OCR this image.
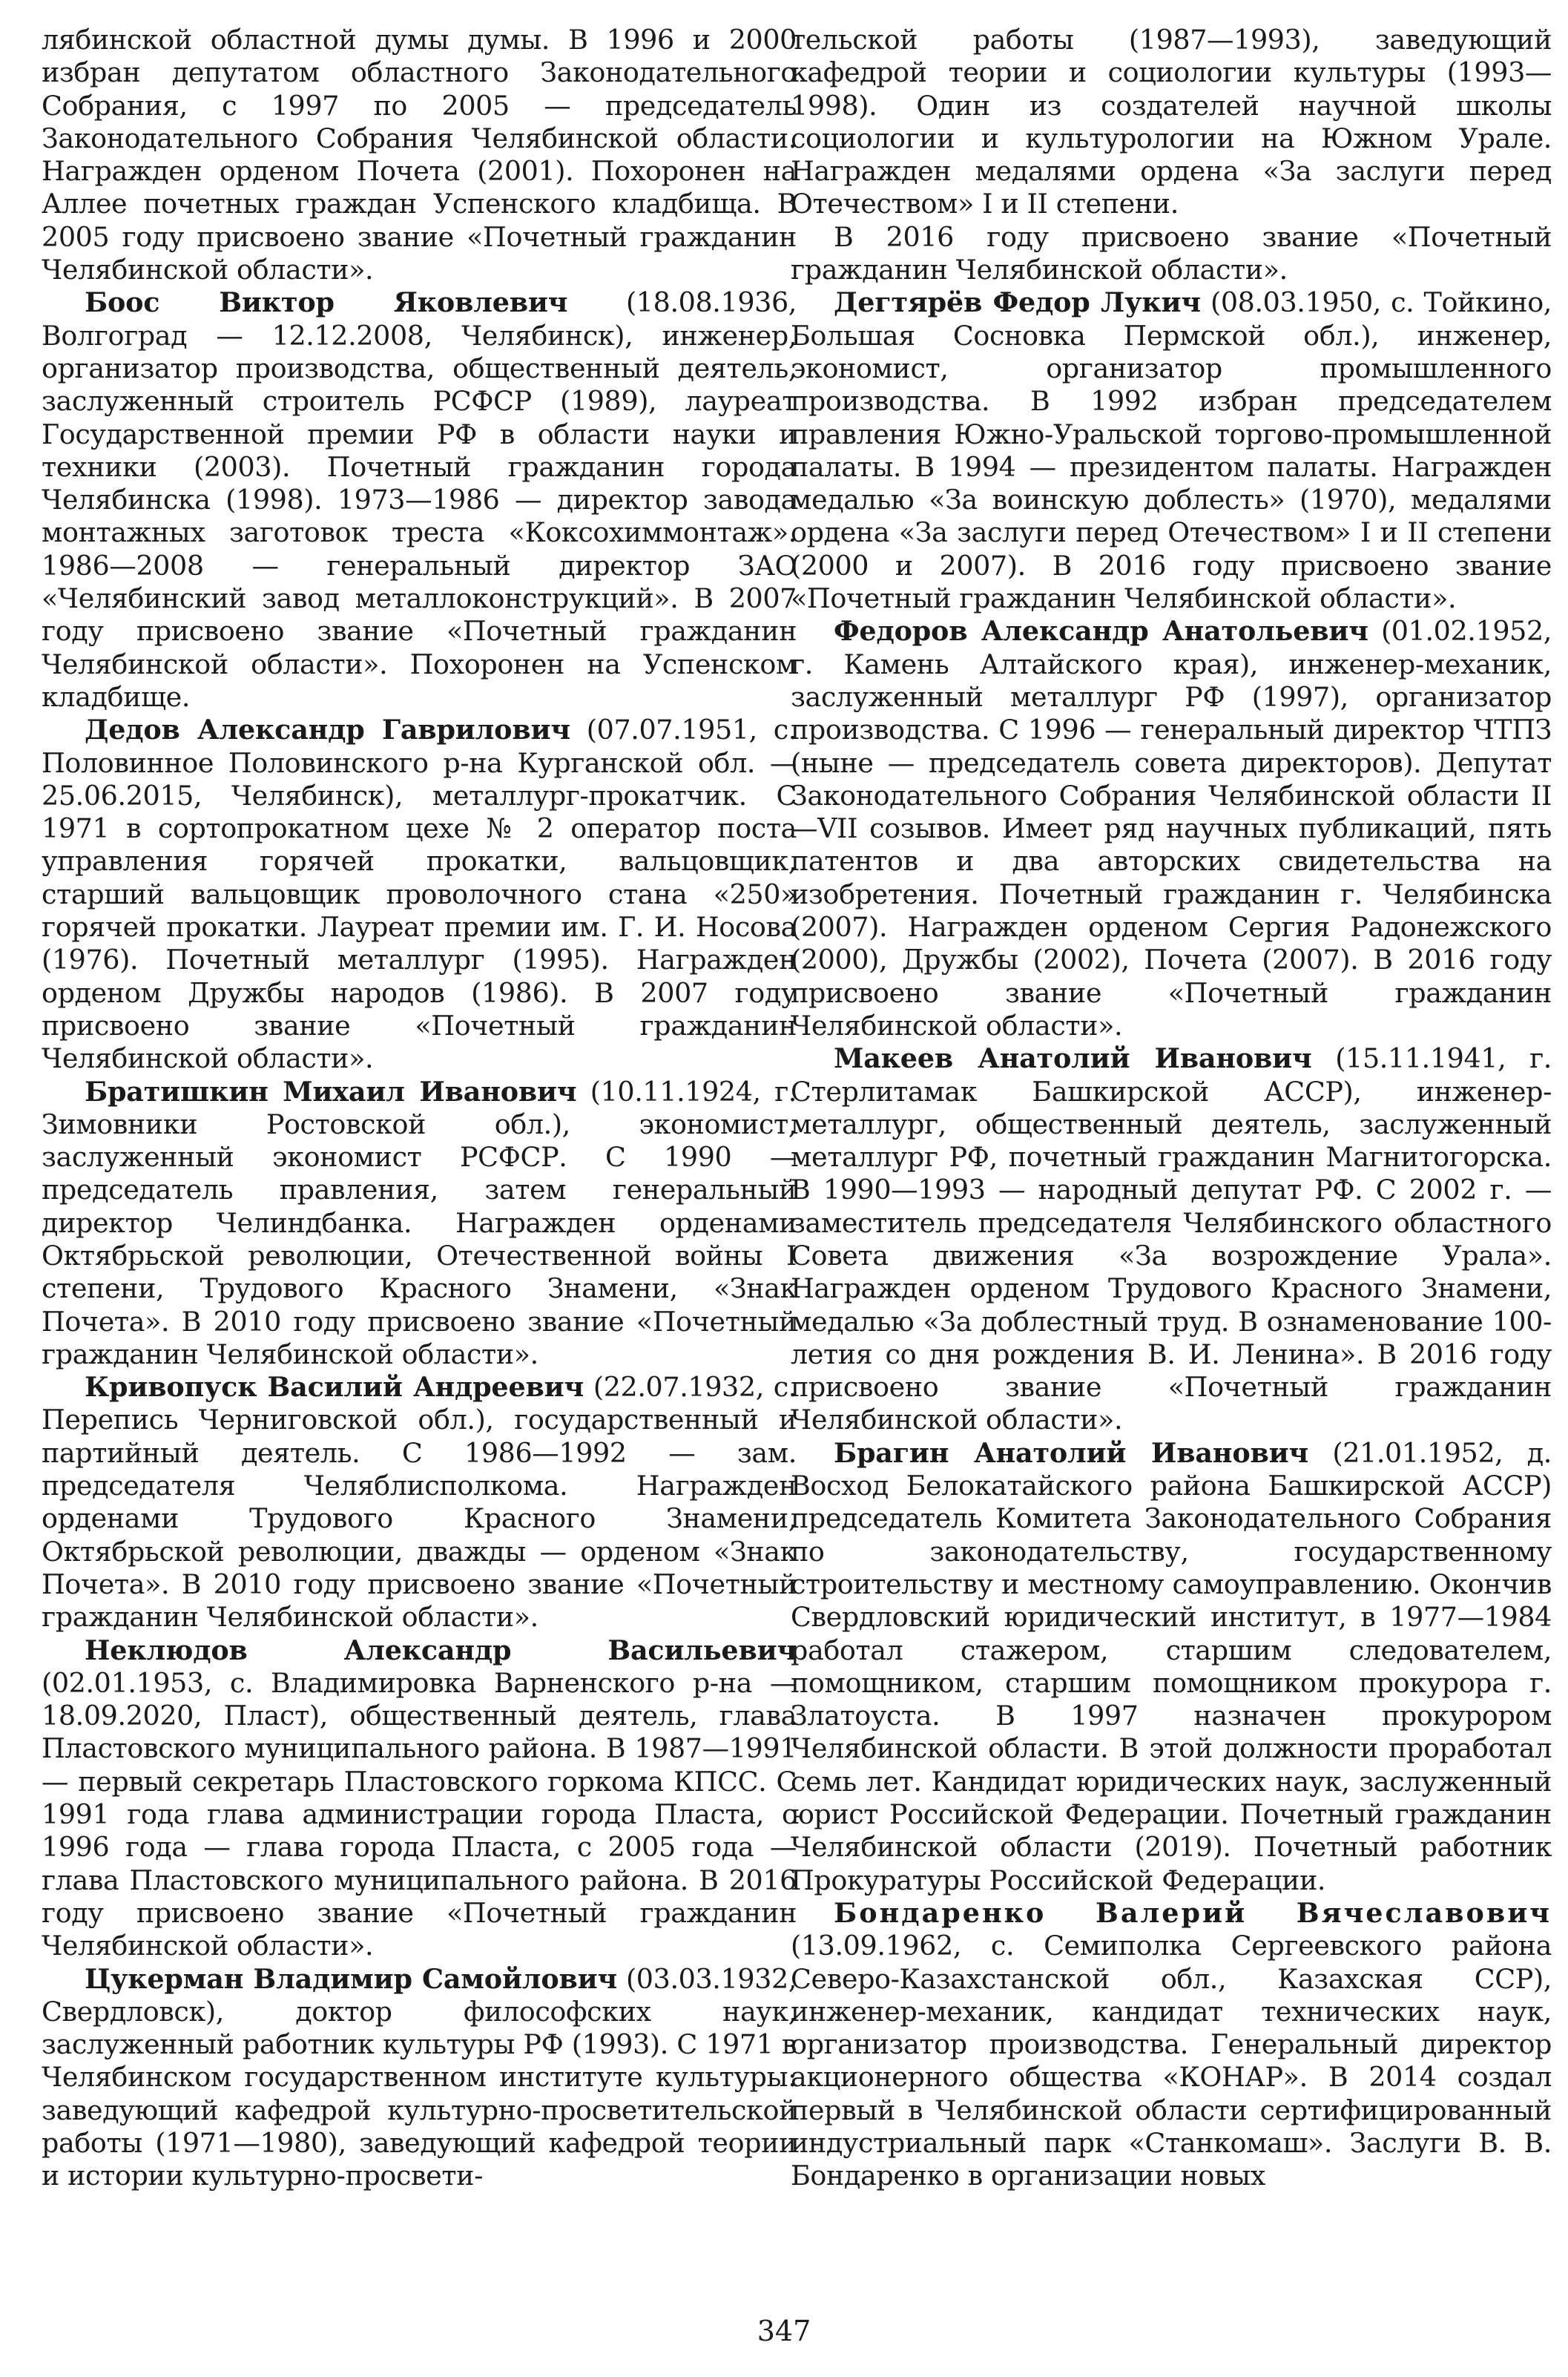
лябинской областной думы думы. В 1996 и 2000 избран депутатом областного Законодательного Собрания, с 1997 по 2005 — председатель Законодательного Собрания Челябинской области. Награжден орденом Почета (2001). Похоронен на Аллее почетных граждан Успенского кладбища. В 2005 году присвоено звание «Почетный гражданин Челябинской области».

Боос Виктор Яковлевич (18.08.1936, Волгоград — 12.12.2008, Челябинск), инженер, организатор производства, общественный деятель, заслуженный строитель РСФСР (1989), лауреат Государственной премии РФ в области науки и техники (2003). Почетный гражданин города Челябинска (1998). 1973—1986 — директор завода монтажных заготовок треста «Коксохиммонтаж». 1986—2008 — генеральный директор ЗАО «Челябинский завод металлоконструкций». В 2007 году присвоено звание «Почетный гражданин Челябинской области». Похоронен на Успенском кладбище.

Дедов Александр Гаврилович (07.07.1951, с. Половинное Половинского р-на Курганской обл. — 25.06.2015, Челябинск), металлург-прокатчик. С 1971 в сортопрокатном цехе № 2 оператор поста управления горячей прокатки, вальцовщик, старший вальцовщик проволочного стана «250» горячей прокатки. Лауреат премии им. Г. И. Носова (1976). Почетный металлург (1995). Награжден орденом Дружбы народов (1986). В 2007 году присвоено звание «Почетный гражданин Челябинской области».

Братишкин Михаил Иванович (10.11.1924, г. Зимовники Ростовской обл.), экономист, заслуженный экономист РСФСР. С 1990 — председатель правления, затем генеральный директор Челиндбанка. Награжден орденами Октябрьской революции, Отечественной войны I степени, Трудового Красного Знамени, «Знак Почета». В 2010 году присвоено звание «Почетный гражданин Челябинской области».

Кривопуск Василий Андреевич (22.07.1932, с. Перепись Черниговской обл.), государственный и партийный деятель. С 1986—1992 — зам. председателя Челяблисполкома. Награжден орденами Трудового Красного Знамени, Октябрьской революции, дважды — орденом «Знак Почета». В 2010 году присвоено звание «Почетный гражданин Челябинской области».

Неклюдов Александр Васильевич (02.01.1953, с. Владимировка Варненского р-на — 18.09.2020, Пласт), общественный деятель, глава Пластовского муниципального района. В 1987—1991 — первый секретарь Пластовского горкома КПСС. С 1991 года глава администрации города Пласта, с 1996 года — глава города Пласта, с 2005 года — глава Пластовского муниципального района. В 2016 году присвоено звание «Почетный гражданин Челябинской области».

Цукерман Владимир Самойлович (03.03.1932, Свердловск), доктор философских наук, заслуженный работник культуры РФ (1993). С 1971 в Челябинском государственном институте культуры: заведующий кафедрой культурно-просветительской работы (1971—1980), заведующий кафедрой теории и истории культурно-просвети-

тельской работы (1987—1993), заведующий кафедрой теории и социологии культуры (1993—1998). Один из создателей научной школы социологии и культурологии на Южном Урале. Награжден медалями ордена «За заслуги перед Отечеством» I и II степени.

В 2016 году присвоено звание «Почетный гражданин Челябинской области».

Дегтярёв Федор Лукич (08.03.1950, с. Тойкино, Большая Сосновка Пермской обл.), инженер, экономист, организатор промышленного производства. В 1992 избран председателем правления Южно-Уральской торгово-промышленной палаты. В 1994 — президентом палаты. Награжден медалью «За воинскую доблесть» (1970), медалями ордена «За заслуги перед Отечеством» I и II степени (2000 и 2007). В 2016 году присвоено звание «Почетный гражданин Челябинской области».

Федоров Александр Анатольевич (01.02.1952, г. Камень Алтайского края), инженер-механик, заслуженный металлург РФ (1997), организатор производства. С 1996 — генеральный директор ЧТПЗ (ныне — председатель совета директоров). Депутат Законодательного Собрания Челябинской области II—VII созывов. Имеет ряд научных публикаций, пять патентов и два авторских свидетельства на изобретения. Почетный гражданин г. Челябинска (2007). Награжден орденом Сергия Радонежского (2000), Дружбы (2002), Почета (2007). В 2016 году присвоено звание «Почетный гражданин Челябинской области».

Макеев Анатолий Иванович (15.11.1941, г. Стерлитамак Башкирской АССР), инженер-металлург, общественный деятель, заслуженный металлург РФ, почетный гражданин Магнитогорска. В 1990—1993 — народный депутат РФ. С 2002 г. — заместитель председателя Челябинского областного Совета движения «За возрождение Урала». Награжден орденом Трудового Красного Знамени, медалью «За доблестный труд. В ознаменование 100-летия со дня рождения В. И. Ленина». В 2016 году присвоено звание «Почетный гражданин Челябинской области».

Брагин Анатолий Иванович (21.01.1952, д. Восход Белокатайского района Башкирской АССР) председатель Комитета Законодательного Собрания по законодательству, государственному строительству и местному самоуправлению. Окончив Свердловский юридический институт, в 1977—1984 работал стажером, старшим следователем, помощником, старшим помощником прокурора г. Златоуста. В 1997 назначен прокурором Челябинской области. В этой должности проработал семь лет. Кандидат юридических наук, заслуженный юрист Российской Федерации. Почетный гражданин Челябинской области (2019). Почетный работник Прокуратуры Российской Федерации.

Бондаренко Валерий Вячеславович (13.09.1962, с. Семиполка Сергеевского района Северо-Казахстанской обл., Казахская ССР), инженер-механик, кандидат технических наук, организатор производства. Генеральный директор акционерного общества «КОНАР». В 2014 создал первый в Челябинской области сертифицированный индустриальный парк «Станкомаш». Заслуги В. В. Бондаренко в организации новых

347
